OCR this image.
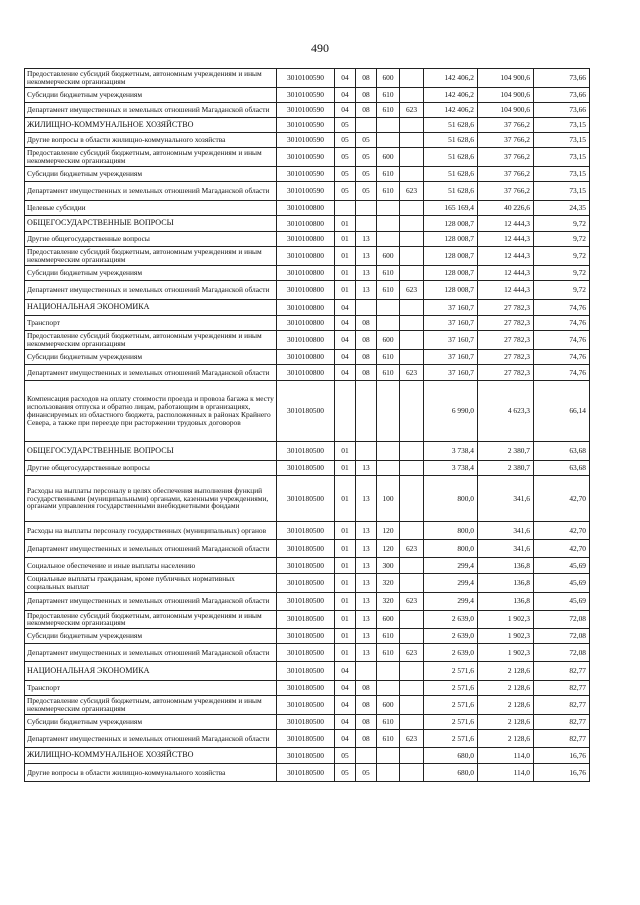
490
Предоставление субсидий бюджетным, автономным учреждениям и иным некоммерческим организациям	3010100590	04	08	600		142 406,2	104 900,6	73,66
Субсидии бюджетным учреждениям	3010100590	04	08	610		142 406,2	104 900,6	73,66
Департамент имущественных и земельных отношений Магаданской области	3010100590	04	08	610	623	142 406,2	104 900,6	73,66
ЖИЛИЩНО-КОММУНАЛЬНОЕ ХОЗЯЙСТВО	3010100590	05				51 628,6	37 766,2	73,15
Другие вопросы в области жилищно-коммунального хозяйства	3010100590	05	05			51 628,6	37 766,2	73,15
Предоставление субсидий бюджетным, автономным учреждениям и иным некоммерческим организациям	3010100590	05	05	600		51 628,6	37 766,2	73,15
Субсидии бюджетным учреждениям	3010100590	05	05	610		51 628,6	37 766,2	73,15
Департамент имущественных и земельных отношений Магаданской области	3010100590	05	05	610	623	51 628,6	37 766,2	73,15
Целевые субсидии	3010100800					165 169,4	40 226,6	24,35
ОБЩЕГОСУДАРСТВЕННЫЕ ВОПРОСЫ	3010100800	01				128 008,7	12 444,3	9,72
Другие общегосударственные вопросы	3010100800	01	13			128 008,7	12 444,3	9,72
Предоставление субсидий бюджетным, автономным учреждениям и иным некоммерческим организациям	3010100800	01	13	600		128 008,7	12 444,3	9,72
Субсидии бюджетным учреждениям	3010100800	01	13	610		128 008,7	12 444,3	9,72
Департамент имущественных и земельных отношений Магаданской области	3010100800	01	13	610	623	128 008,7	12 444,3	9,72
НАЦИОНАЛЬНАЯ ЭКОНОМИКА	3010100800	04				37 160,7	27 782,3	74,76
Транспорт	3010100800	04	08			37 160,7	27 782,3	74,76
Предоставление субсидий бюджетным, автономным учреждениям и иным некоммерческим организациям	3010100800	04	08	600		37 160,7	27 782,3	74,76
Субсидии бюджетным учреждениям	3010100800	04	08	610		37 160,7	27 782,3	74,76
Департамент имущественных и земельных отношений Магаданской области	3010100800	04	08	610	623	37 160,7	27 782,3	74,76
Компенсация расходов на оплату стоимости проезда и провоза багажа к месту использования отпуска и обратно лицам, работающим в организациях, финансируемых из областного бюджета, расположенных в районах Крайнего Севера, а также при переезде при расторжении трудовых договоров	3010180500					6 990,0	4 623,3	66,14
ОБЩЕГОСУДАРСТВЕННЫЕ ВОПРОСЫ	3010180500	01				3 738,4	2 380,7	63,68
Другие общегосударственные вопросы	3010180500	01	13			3 738,4	2 380,7	63,68
Расходы на выплаты персоналу в целях обеспечения выполнения функций государственными (муниципальными) органами, казенными учреждениями, органами управления государственными внебюджетными фондами	3010180500	01	13	100		800,0	341,6	42,70
Расходы на выплаты персоналу государственных (муниципальных) органов	3010180500	01	13	120		800,0	341,6	42,70
Департамент имущественных и земельных отношений Магаданской области	3010180500	01	13	120	623	800,0	341,6	42,70
Социальное обеспечение и иные выплаты населению	3010180500	01	13	300		299,4	136,8	45,69
Социальные выплаты гражданам, кроме публичных нормативных социальных выплат	3010180500	01	13	320		299,4	136,8	45,69
Департамент имущественных и земельных отношений Магаданской области	3010180500	01	13	320	623	299,4	136,8	45,69
Предоставление субсидий бюджетным, автономным учреждениям и иным некоммерческим организациям	3010180500	01	13	600		2 639,0	1 902,3	72,08
Субсидии бюджетным учреждениям	3010180500	01	13	610		2 639,0	1 902,3	72,08
Департамент имущественных и земельных отношений Магаданской области	3010180500	01	13	610	623	2 639,0	1 902,3	72,08
НАЦИОНАЛЬНАЯ ЭКОНОМИКА	3010180500	04				2 571,6	2 128,6	82,77
Транспорт	3010180500	04	08			2 571,6	2 128,6	82,77
Предоставление субсидий бюджетным, автономным учреждениям и иным некоммерческим организациям	3010180500	04	08	600		2 571,6	2 128,6	82,77
Субсидии бюджетным учреждениям	3010180500	04	08	610		2 571,6	2 128,6	82,77
Департамент имущественных и земельных отношений Магаданской области	3010180500	04	08	610	623	2 571,6	2 128,6	82,77
ЖИЛИЩНО-КОММУНАЛЬНОЕ ХОЗЯЙСТВО	3010180500	05				680,0	114,0	16,76
Другие вопросы в области жилищно-коммунального хозяйства	3010180500	05	05			680,0	114,0	16,76
